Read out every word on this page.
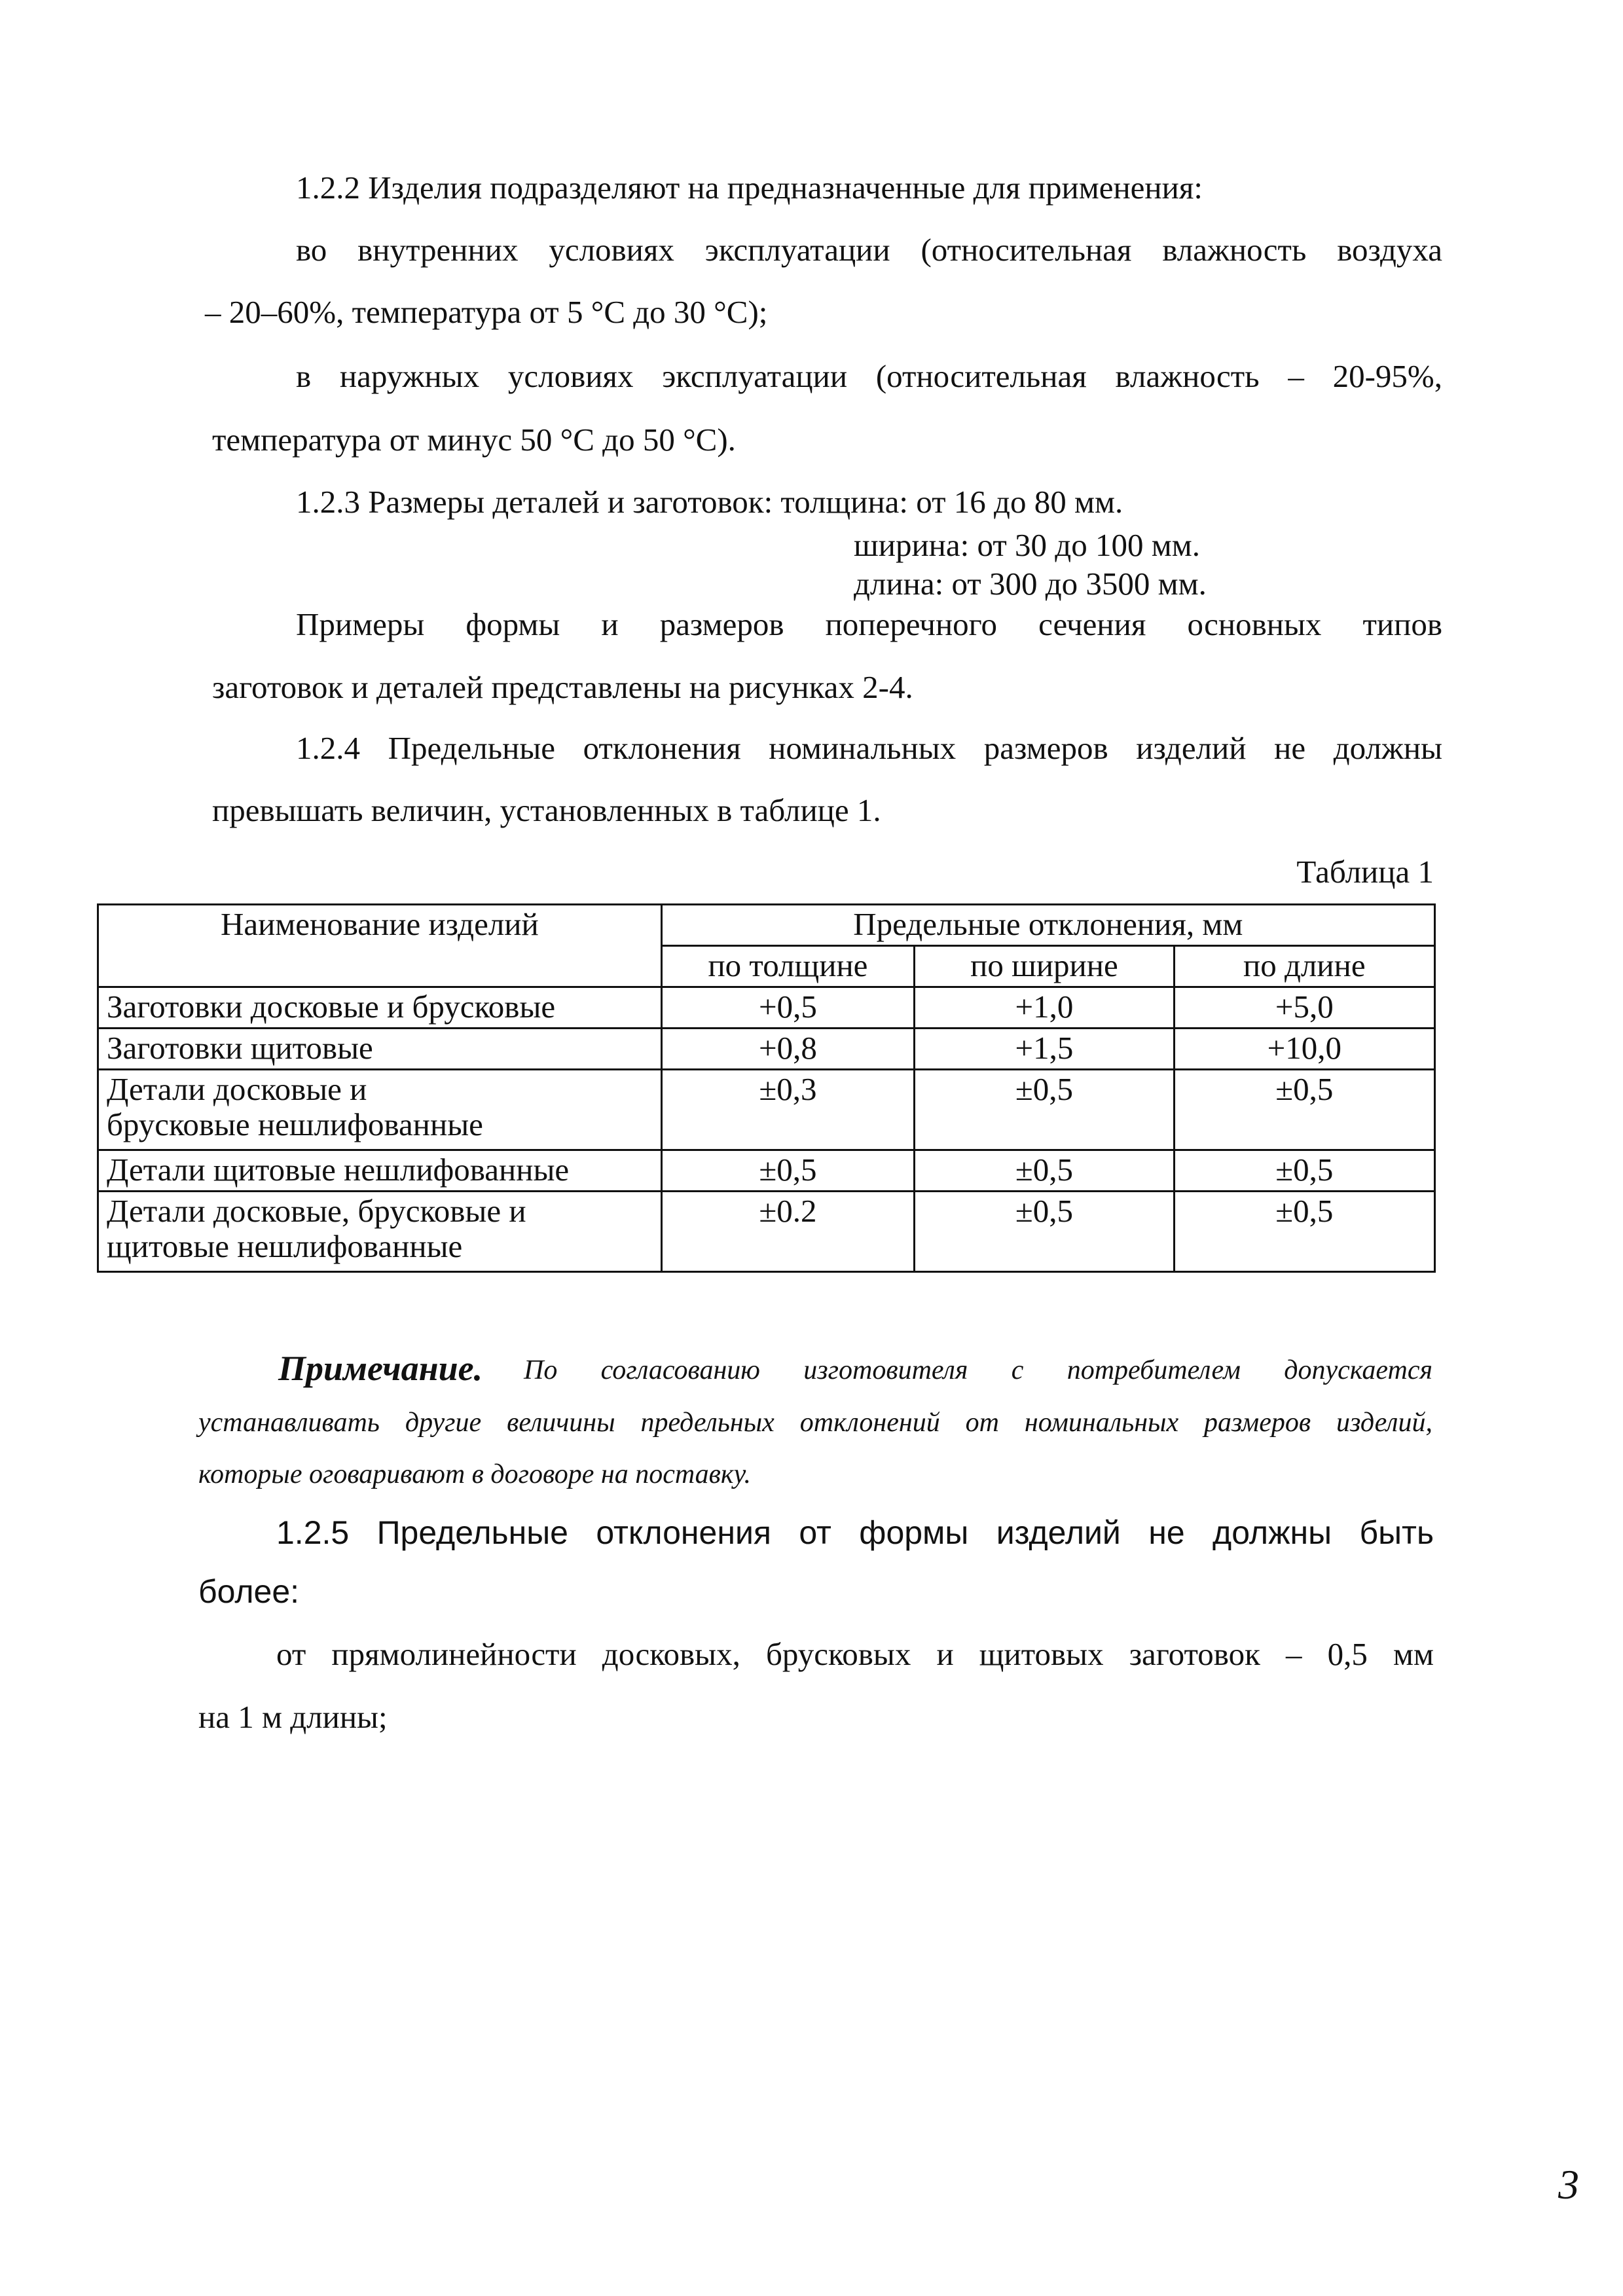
1.2.2 Изделия подразделяют на предназначенные для применения:
во внутренних условиях эксплуатации (относительная влажность воздуха
– 20–60%, температура от 5 °С до 30 °С);
в наружных условиях эксплуатации (относительная влажность – 20-95%,
температура от минус 50 °С до 50 °С).
1.2.3 Размеры деталей и заготовок: толщина: от 16 до 80 мм.
ширина: от 30 до 100 мм.
длина: от 300 до 3500 мм.
Примеры формы и размеров поперечного сечения основных типов
заготовок и деталей представлены на рисунках 2-4.
1.2.4 Предельные отклонения номинальных размеров изделий не должны
превышать величин, установленных в таблице 1.
Таблица 1
Наименование изделий	Предельные отклонения, мм		
	по толщине	по ширине	по длине
Заготовки досковые и брусковые	+0,5	+1,0	+5,0
Заготовки щитовые	+0,8	+1,5	+10,0
Детали досковые и
брусковые нешлифованные	±0,3	±0,5	±0,5
Детали щитовые нешлифованные	±0,5	±0,5	±0,5
Детали досковые, брусковые и
щитовые нешлифованные	±0.2	±0,5	±0,5
Примечание. По согласованию изготовителя с потребителем допускается
устанавливать другие величины предельных отклонений от номинальных размеров изделий,
которые оговаривают в договоре на поставку.
1.2.5 Предельные отклонения от формы изделий не должны быть
более:
от прямолинейности досковых, брусковых и щитовых заготовок – 0,5 мм
на 1 м длины;
3
